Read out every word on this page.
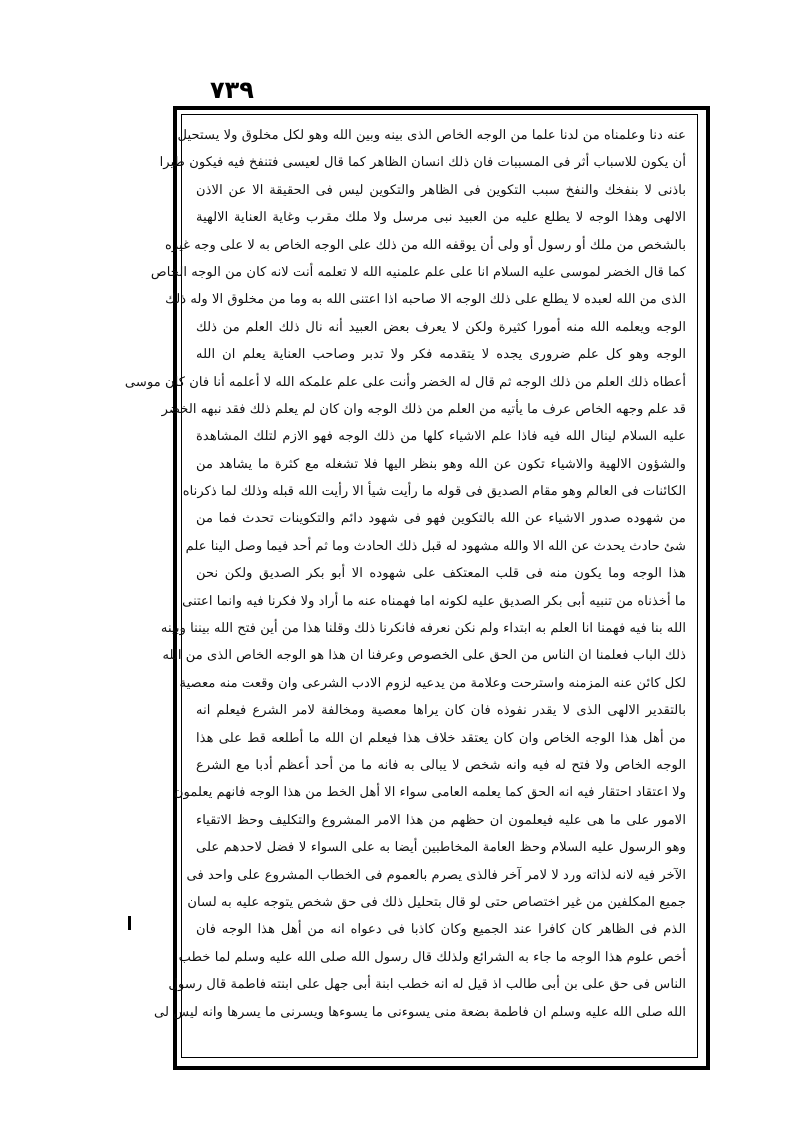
٧٣٩
عنه دنا وعلمناه من لدنا علما من الوجه الخاص الذى بينه وبين الله وهو لكل مخلوق ولا يستحيل
أن يكون للاسباب أثر فى المسببات فان ذلك انسان الظاهر كما قال لعيسى فتنفخ فيه فيكون طيرا
باذنى لا بنفخك والنفخ سبب التكوين فى الظاهر والتكوين ليس فى الحقيقة الا عن الاذن
الالهى وهذا الوجه لا يطلع عليه من العبيد نبى مرسل ولا ملك مقرب وغاية العناية الالهية
بالشخص من ملك أو رسول أو ولى أن يوقفه الله من ذلك على الوجه الخاص به لا على وجه غيره
كما قال الخضر لموسى عليه السلام انا على علم علمنيه الله لا تعلمه أنت لانه كان من الوجه الخاص
الذى من الله لعبده لا يطلع على ذلك الوجه الا صاحبه اذا اعتنى الله به وما من مخلوق الا وله ذلك
الوجه ويعلمه الله منه أمورا كثيرة ولكن لا يعرف بعض العبيد أنه نال ذلك العلم من ذلك
الوجه وهو كل علم ضرورى يجده لا يتقدمه فكر ولا تدبر وصاحب العناية يعلم ان الله
أعطاه ذلك العلم من ذلك الوجه ثم قال له الخضر وأنت على علم علمكه الله لا أعلمه أنا فان كان موسى
قد علم وجهه الخاص عرف ما يأتيه من العلم من ذلك الوجه وان كان لم يعلم ذلك فقد نبهه الخضر
عليه السلام لينال الله فيه فاذا علم الاشياء كلها من ذلك الوجه فهو الازم لتلك المشاهدة
والشؤون الالهية والاشياء تكون عن الله وهو بنظر اليها فلا تشغله مع كثرة ما يشاهد من
الكائنات فى العالم وهو مقام الصديق فى قوله ما رأيت شيأ الا رأيت الله قبله وذلك لما ذكرناه
من شهوده صدور الاشياء عن الله بالتكوين فهو فى شهود دائم والتكوينات تحدث فما من
شئ حادث يحدث عن الله الا والله مشهود له قبل ذلك الحادث وما ثم أحد فيما وصل الينا علم
هذا الوجه وما يكون منه فى قلب المعتكف على شهوده الا أبو بكر الصديق ولكن نحن
ما أخذناه من تنبيه أبى بكر الصديق عليه لكونه اما فهمناه عنه ما أراد ولا فكرنا فيه وانما اعتنى
الله بنا فيه فهمنا انا العلم به ابتداء ولم نكن نعرفه فانكرنا ذلك وقلنا هذا من أين فتح الله بيننا وبينه
ذلك الباب فعلمنا ان الناس من الحق على الخصوص وعرفنا ان هذا هو الوجه الخاص الذى من الله
لكل كائن عنه المزمنه واسترحت وعلامة من يدعيه لزوم الادب الشرعى وان وقعت منه معصية
بالتقدير الالهى الذى لا يقدر نفوذه فان كان يراها معصية ومخالفة لامر الشرع فيعلم انه
من أهل هذا الوجه الخاص وان كان يعتقد خلاف هذا فيعلم ان الله ما أطلعه قط على هذا
الوجه الخاص ولا فتح له فيه وانه شخص لا يبالى به فانه ما من أحد أعظم أدبا مع الشرع
ولا اعتقاد احتقار فيه انه الحق كما يعلمه العامى سواء الا أهل الخط من هذا الوجه فانهم يعلمون
الامور على ما هى عليه فيعلمون ان حظهم من هذا الامر المشروع والتكليف وحظ الاتقياء
وهو الرسول عليه السلام وحظ العامة المخاطبين أيضا به على السواء لا فضل لاحدهم على
الآخر فيه لانه لذاته ورد لا لامر آخر فالذى يصرم بالعموم فى الخطاب المشروع على واحد فى
جميع المكلفين من غير اختصاص حتى لو قال بتحليل ذلك فى حق شخص يتوجه عليه به لسان
الذم فى الظاهر كان كافرا عند الجميع وكان كاذبا فى دعواه انه من أهل هذا الوجه فان
أخص علوم هذا الوجه ما جاء به الشرائع ولذلك قال رسول الله صلى الله عليه وسلم لما خطب
الناس فى حق على بن أبى طالب اذ قيل له انه خطب ابنة أبى جهل على ابنته فاطمة قال رسول
الله صلى الله عليه وسلم ان فاطمة بضعة منى يسوءنى ما يسوءها ويسرنى ما يسرها وانه ليس لى
